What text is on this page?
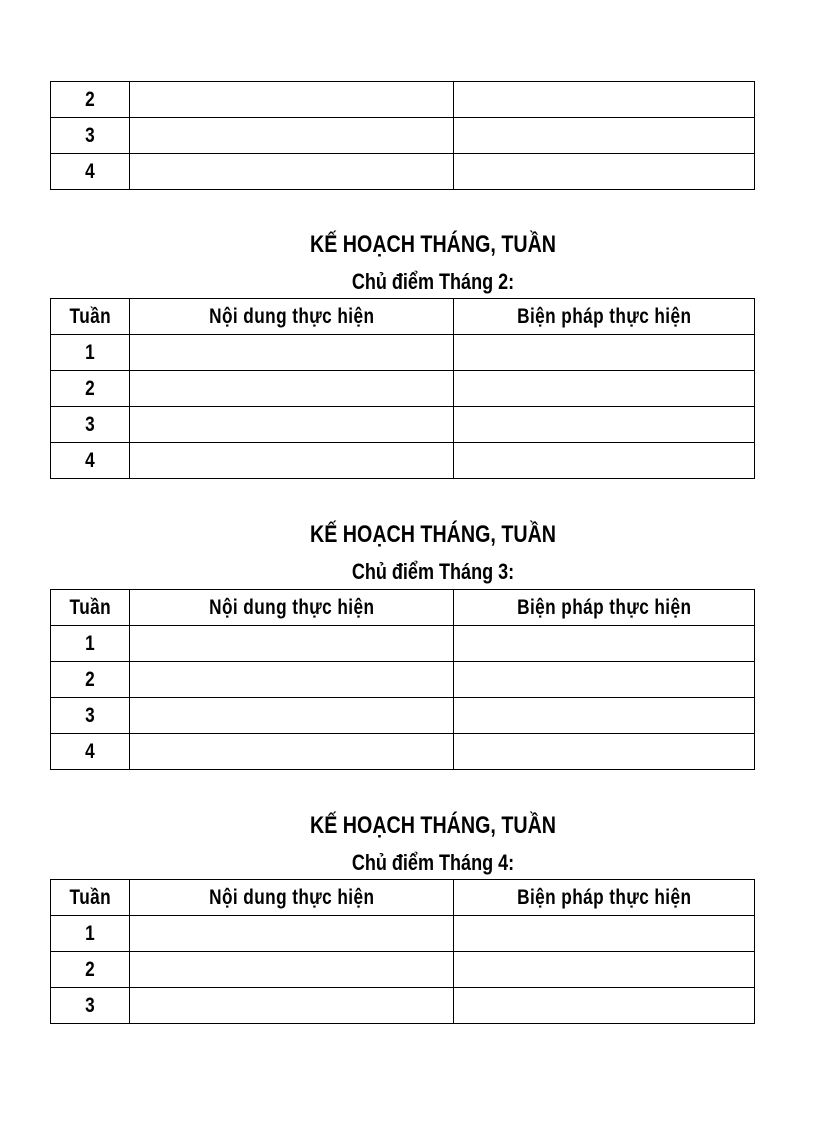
2		
3		
4		
KẾ HOẠCH THÁNG, TUẦN
Chủ điểm Tháng 2:
Tuần	Nội dung thực hiện	Biện pháp thực hiện
1		
2		
3		
4		
KẾ HOẠCH THÁNG, TUẦN
Chủ điểm Tháng 3:
Tuần	Nội dung thực hiện	Biện pháp thực hiện
1		
2		
3		
4		
KẾ HOẠCH THÁNG, TUẦN
Chủ điểm Tháng 4:
Tuần	Nội dung thực hiện	Biện pháp thực hiện
1		
2		
3		
